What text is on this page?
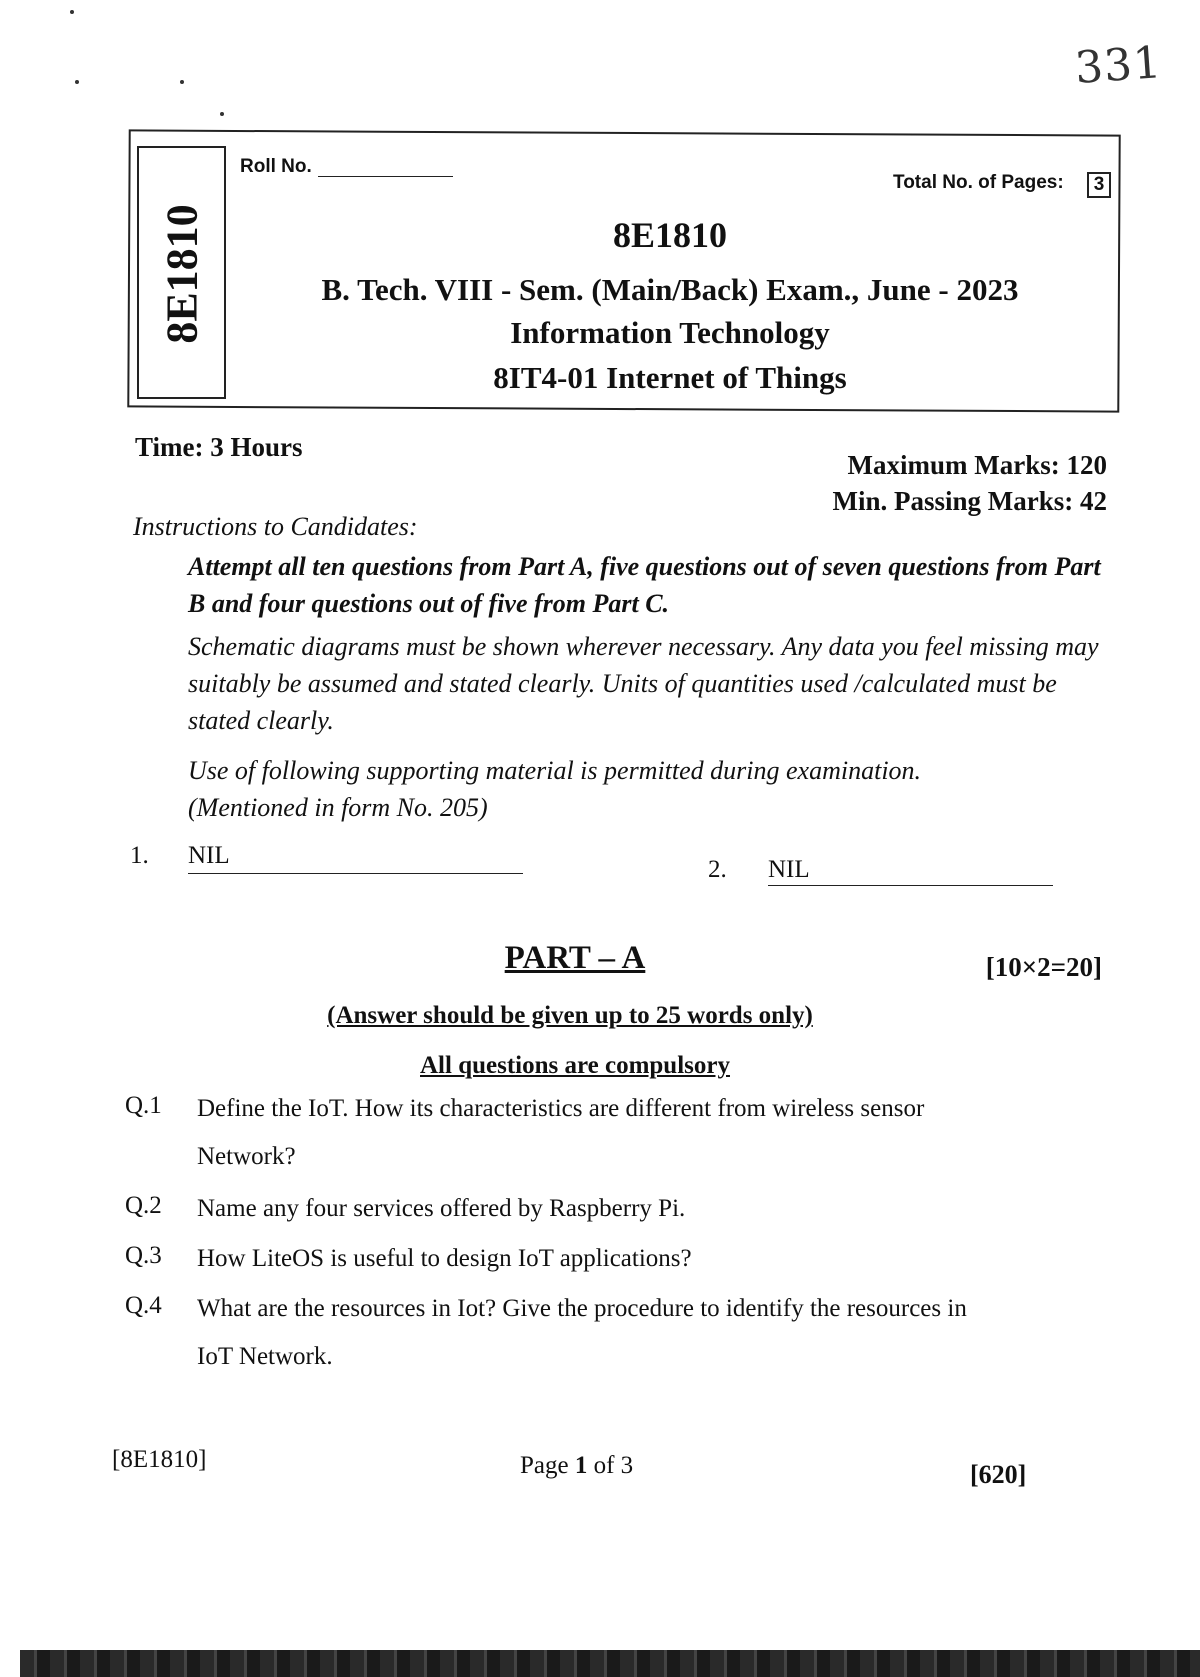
331
8E1810
Roll No.
Total No. of Pages:	3
8E1810
B. Tech. VIII - Sem. (Main/Back) Exam., June - 2023
Information Technology
8IT4-01 Internet of Things
Time: 3 Hours
Maximum Marks: 120
Min. Passing Marks: 42
Instructions to Candidates:
Attempt all ten questions from Part A, five questions out of seven questions from Part B and four questions out of five from Part C.
Schematic diagrams must be shown wherever necessary. Any data you feel missing may suitably be assumed and stated clearly. Units of quantities used /calculated must be stated clearly.
Use of following supporting material is permitted during examination.
(Mentioned in form No. 205)
1. NIL
2. NIL
PART – A	[10×2=20]
(Answer should be given up to 25 words only)
All questions are compulsory
Q.1 Define the IoT. How its characteristics are different from wireless sensor Network?
Q.2 Name any four services offered by Raspberry Pi.
Q.3 How LiteOS is useful to design IoT applications?
Q.4 What are the resources in Iot? Give the procedure to identify the resources in IoT Network.
[8E1810]	Page 1 of 3	[620]
